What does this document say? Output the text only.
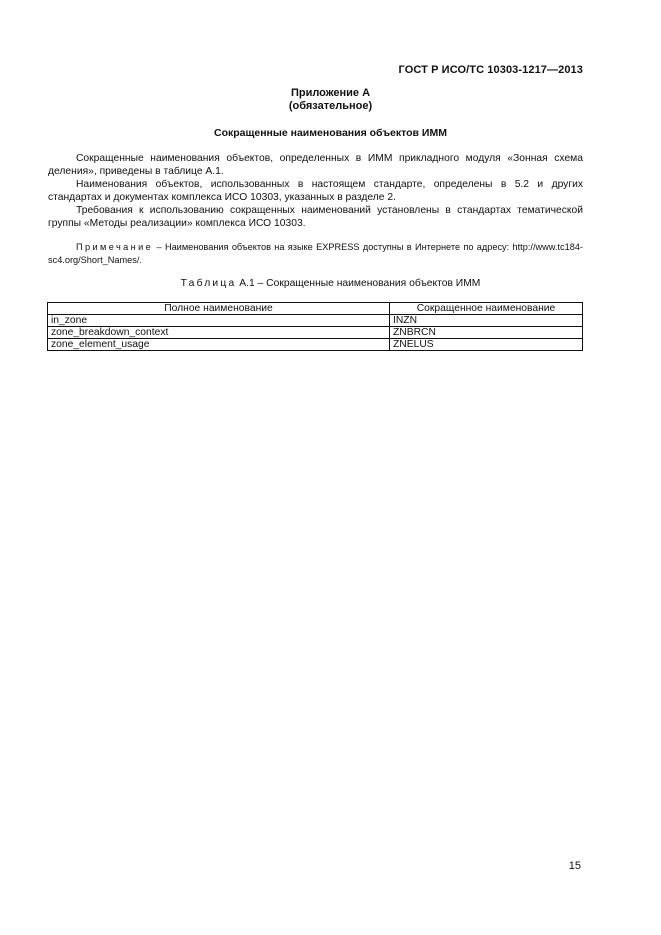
ГОСТ Р ИСО/ТС 10303-1217—2013
Приложение А
(обязательное)
Сокращенные наименования объектов ИММ

Сокращенные наименования объектов, определенных в ИММ прикладного модуля «Зонная схема деления», приведены в таблице А.1.

Наименования объектов, использованных в настоящем стандарте, определены в 5.2 и других стандартах и документах комплекса ИСО 10303, указанных в разделе 2.

Требования к использованию сокращенных наименований установлены в стандартах тематической группы «Методы реализации» комплекса ИСО 10303.

Примечание – Наименования объектов на языке EXPRESS доступны в Интернете по адресу: http://www.tc184-sc4.org/Short_Names/.
Таблица А.1 – Сокращенные наименования объектов ИММ
Полное наименование	Сокращенное наименование
in_zone	INZN
zone_breakdown_context	ZNBRCN
zone_element_usage	ZNELUS
15
